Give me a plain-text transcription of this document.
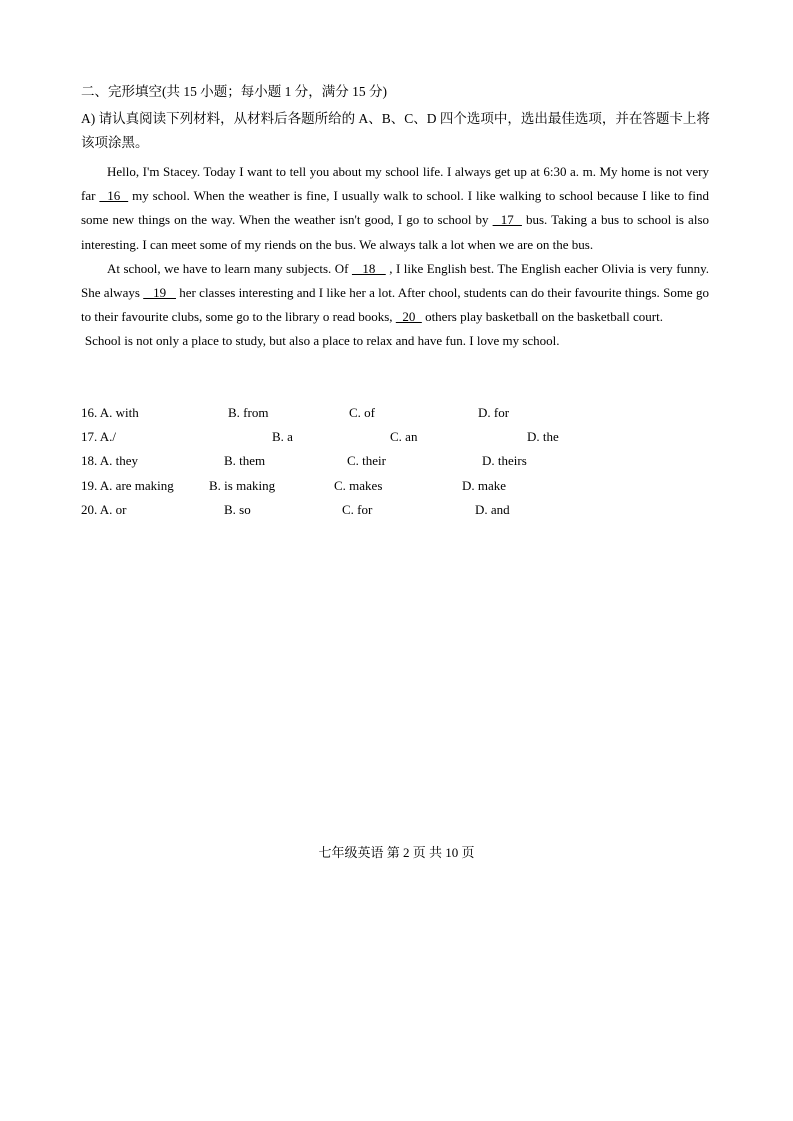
二、完形填空(共 15 小题；每小题 1 分，满分 15 分)
A) 请认真阅读下列材料，从材料后各题所给的 A、B、C、D 四个选项中，选出最佳选项，并在答题卡上将该项涂黑。

Hello, I'm Stacey. Today I want to tell you about my school life. I always get up at 6:30 a. m. My home is not very far   16   my school. When the weather is fine, I usually walk to school. I like walking to school because I like to find some new things on the way. When the weather isn't good, I go to school by   17   bus. Taking a bus to school is also interesting. I can meet some of my riends on the bus. We always talk a lot when we are on the bus.

At school, we have to learn many subjects. Of    18    , I like English best. The English eacher Olivia is very funny. She always    19    her classes interesting and I like her a lot. After chool, students can do their favourite things. Some go to their favourite clubs, some go to the library o read books,   20   others play basketball on the basketball court.

School is not only a place to study, but also a place to relax and have fun. I love my school.

16. A. with	B. from	C. of	D. for
17. A./	B. a	C. an	D. the
18. A. they	B. them	C. their	D. theirs
19. A. are making	B. is making	C. makes	D. make
20. A. or	B. so	C. for	D. and
七年级英语 第 2 页 共 10 页
